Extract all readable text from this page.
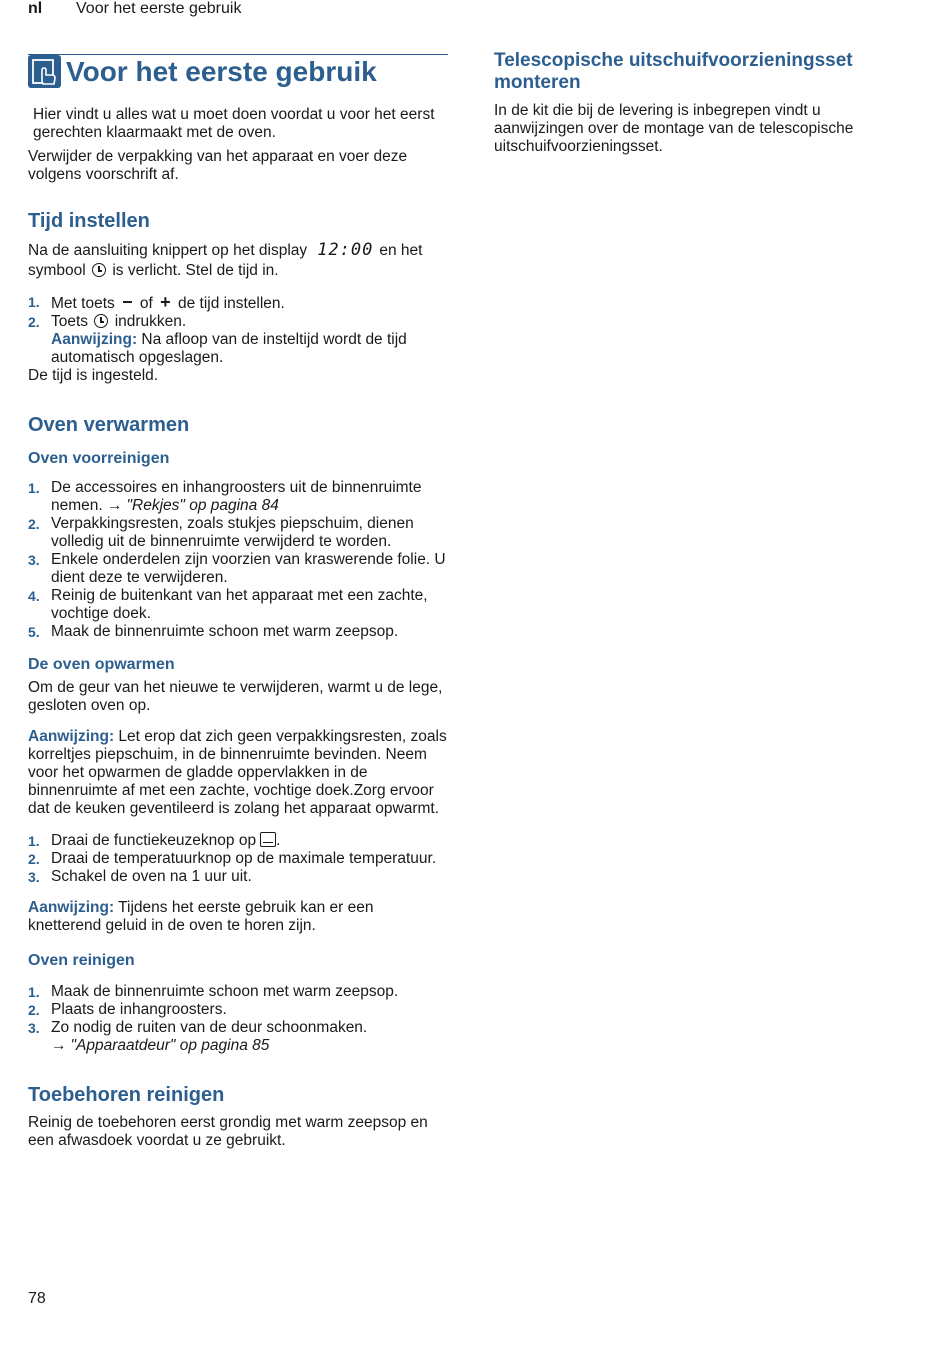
nl Voor het eerste gebruik
Voor het eerste gebruik

Hier vindt u alles wat u moet doen voordat u voor het eerst gerechten klaarmaakt met de oven.

Verwijder de verpakking van het apparaat en voer deze volgens voorschrift af.

Tijd instellen

Na de aansluiting knippert op het display 12:00 en het symbool is verlicht. Stel de tijd in.

1. Met toets − of + de tijd instellen.
2. Toets indrukken.
Aanwijzing: Na afloop van de insteltijd wordt de tijd automatisch opgeslagen.

De tijd is ingesteld.

Oven verwarmen
Oven voorreinigen
1. De accessoires en inhangroosters uit de binnenruimte nemen. → "Rekjes" op pagina 84
2. Verpakkingsresten, zoals stukjes piepschuim, dienen volledig uit de binnenruimte verwijderd te worden.
3. Enkele onderdelen zijn voorzien van kraswerende folie. U dient deze te verwijderen.
4. Reinig de buitenkant van het apparaat met een zachte, vochtige doek.
5. Maak de binnenruimte schoon met warm zeepsop.
De oven opwarmen

Om de geur van het nieuwe te verwijderen, warmt u de lege, gesloten oven op.

Aanwijzing: Let erop dat zich geen verpakkingsresten, zoals korreltjes piepschuim, in de binnenruimte bevinden. Neem voor het opwarmen de gladde oppervlakken in de binnenruimte af met een zachte, vochtige doek.Zorg ervoor dat de keuken geventileerd is zolang het apparaat opwarmt.

1. Draai de functiekeuzeknop op .
2. Draai de temperatuurknop op de maximale temperatuur.
3. Schakel de oven na 1 uur uit.

Aanwijzing: Tijdens het eerste gebruik kan er een knetterend geluid in de oven te horen zijn.

Oven reinigen
1. Maak de binnenruimte schoon met warm zeepsop.
2. Plaats de inhangroosters.
3. Zo nodig de ruiten van de deur schoonmaken.
→ "Apparaatdeur" op pagina 85
Toebehoren reinigen

Reinig de toebehoren eerst grondig met warm zeepsop en een afwasdoek voordat u ze gebruikt.

Telescopische uitschuifvoorzieningsset monteren

In de kit die bij de levering is inbegrepen vindt u aanwijzingen over de montage van de telescopische uitschuifvoorzieningsset.

78
